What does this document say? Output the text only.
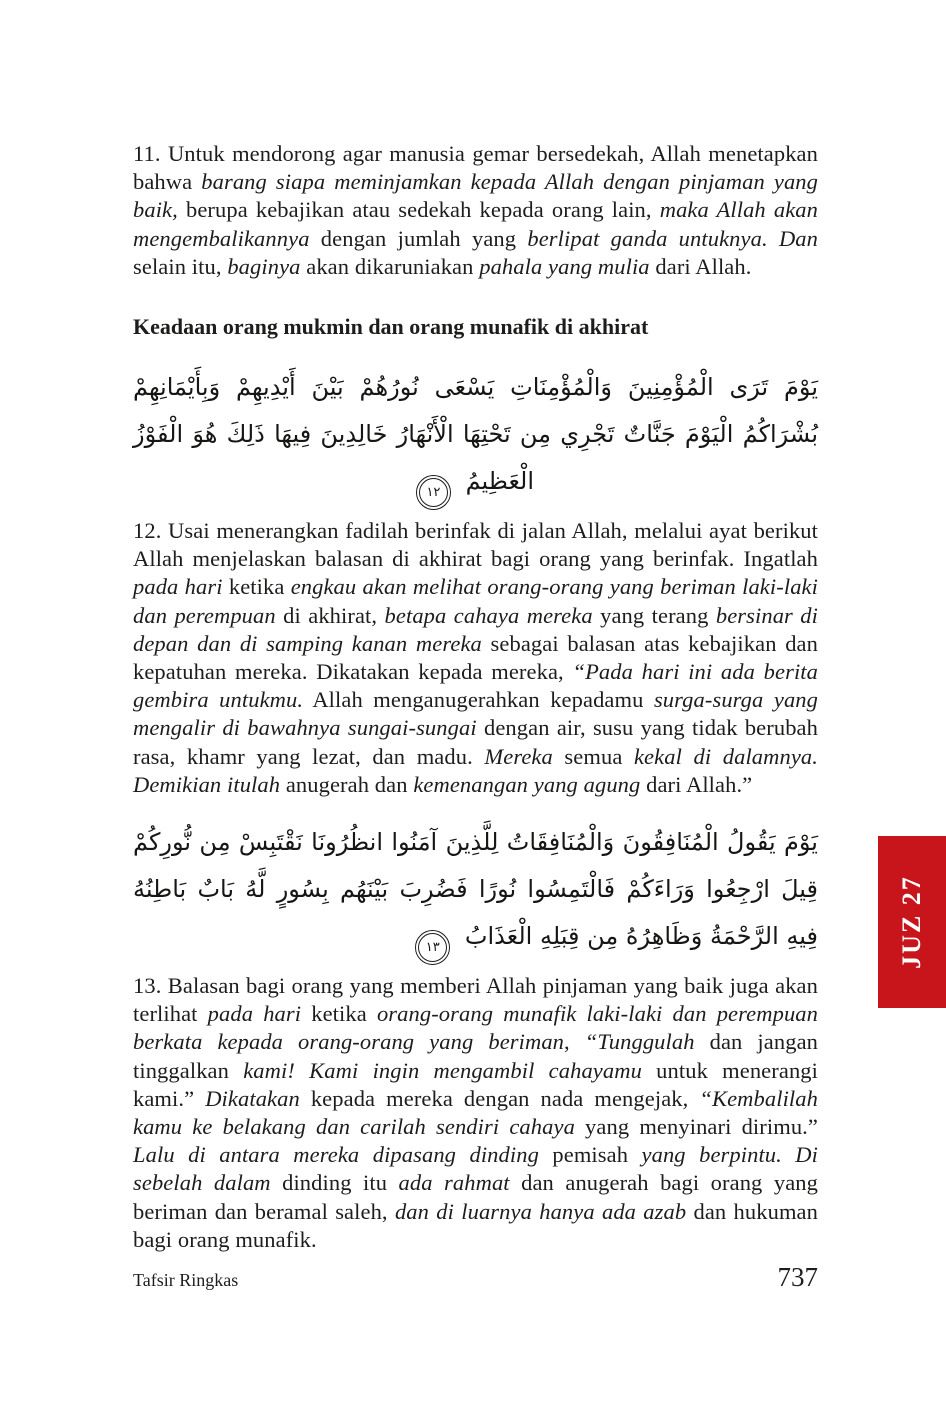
11. Untuk mendorong agar manusia gemar bersedekah, Allah menetapkan bahwa barang siapa meminjamkan kepada Allah dengan pinjaman yang baik, berupa kebajikan atau sedekah kepada orang lain, maka Allah akan mengembalikannya dengan jumlah yang berlipat ganda untuknya. Dan selain itu, baginya akan dikaruniakan pahala yang mulia dari Allah.

Keadaan orang mukmin dan orang munafik di akhirat
يَوْمَ تَرَى الْمُؤْمِنِينَ وَالْمُؤْمِنَاتِ يَسْعَى نُورُهُمْ بَيْنَ أَيْدِيهِمْ وَبِأَيْمَانِهِمْ بُشْرَاكُمُ الْيَوْمَ جَنَّاتٌ تَجْرِي مِن تَحْتِهَا الْأَنْهَارُ خَالِدِينَ فِيهَا ذَلِكَ هُوَ الْفَوْزُ الْعَظِيمُ ١٢

12. Usai menerangkan fadilah berinfak di jalan Allah, melalui ayat berikut Allah menjelaskan balasan di akhirat bagi orang yang berinfak. Ingatlah pada hari ketika engkau akan melihat orang-orang yang beriman laki-laki dan perempuan di akhirat, betapa cahaya mereka yang terang bersinar di depan dan di samping kanan mereka sebagai balasan atas kebajikan dan kepatuhan mereka. Dikatakan kepada mereka, “Pada hari ini ada berita gembira untukmu. Allah menganugerahkan kepadamu surga-surga yang mengalir di bawahnya sungai-sungai dengan air, susu yang tidak berubah rasa, khamr yang lezat, dan madu. Mereka semua kekal di dalamnya. Demikian itulah anugerah dan kemenangan yang agung dari Allah.”

يَوْمَ يَقُولُ الْمُنَافِقُونَ وَالْمُنَافِقَاتُ لِلَّذِينَ آمَنُوا انظُرُونَا نَقْتَبِسْ مِن نُّورِكُمْ قِيلَ ارْجِعُوا وَرَاءَكُمْ فَالْتَمِسُوا نُورًا فَضُرِبَ بَيْنَهُم بِسُورٍ لَّهُ بَابٌ بَاطِنُهُ فِيهِ الرَّحْمَةُ وَظَاهِرُهُ مِن قِبَلِهِ الْعَذَابُ ١٣

13. Balasan bagi orang yang memberi Allah pinjaman yang baik juga akan terlihat pada hari ketika orang-orang munafik laki-laki dan perempuan berkata kepada orang-orang yang beriman, “Tunggulah dan jangan tinggalkan kami! Kami ingin mengambil cahayamu untuk menerangi kami.” Dikatakan kepada mereka dengan nada mengejak, “Kembalilah kamu ke belakang dan carilah sendiri cahaya yang menyinari dirimu.” Lalu di antara mereka dipasang dinding pemisah yang berpintu. Di sebelah dalam dinding itu ada rahmat dan anugerah bagi orang yang beriman dan beramal saleh, dan di luarnya hanya ada azab dan hukuman bagi orang munafik.

JUZ 27
Tafsir Ringkas	737
